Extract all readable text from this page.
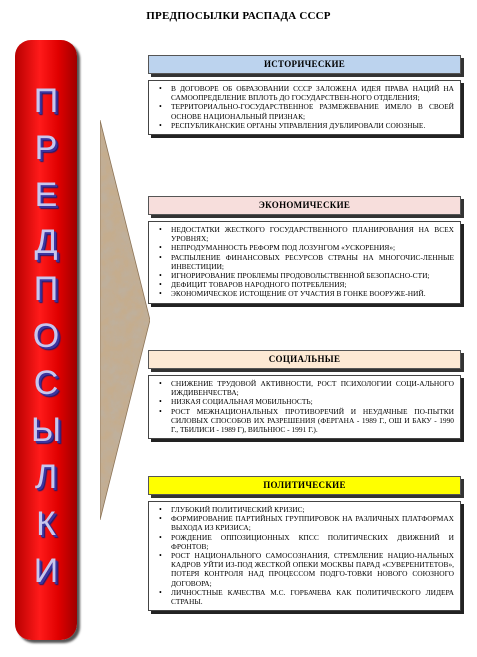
ПРЕДПОСЫЛКИ РАСПАДА СССР
П
Р
Е
Д
П
О
С
Ы
Л
К
И
ИСТОРИЧЕСКИЕ
• В ДОГОВОРЕ ОБ ОБРАЗОВАНИИ СССР ЗАЛОЖЕНА ИДЕЯ ПРАВА НАЦИЙ НА САМООПРЕДЕЛЕНИЕ ВПЛОТЬ ДО ГОСУДАРСТВЕН-НОГО ОТДЕЛЕНИЯ;
• ТЕРРИТОРИАЛЬНО-ГОСУДАРСТВЕННОЕ РАЗМЕЖЕВАНИЕ ИМЕЛО В СВОЕЙ ОСНОВЕ НАЦИОНАЛЬНЫЙ ПРИЗНАК;
• РЕСПУБЛИКАНСКИЕ ОРГАНЫ УПРАВЛЕНИЯ ДУБЛИРОВАЛИ СОЮЗНЫЕ.
ЭКОНОМИЧЕСКИЕ
• НЕДОСТАТКИ ЖЕСТКОГО ГОСУДАРСТВЕННОГО ПЛАНИРОВАНИЯ НА ВСЕХ УРОВНЯХ;
• НЕПРОДУМАННОСТЬ РЕФОРМ ПОД ЛОЗУНГОМ «УСКОРЕНИЯ»;
• РАСПЫЛЕНИЕ ФИНАНСОВЫХ РЕСУРСОВ СТРАНЫ НА МНОГОЧИС-ЛЕННЫЕ ИНВЕСТИЦИИ;
• ИГНОРИРОВАНИЕ ПРОБЛЕМЫ ПРОДОВОЛЬСТВЕННОЙ БЕЗОПАСНО-СТИ;
• ДЕФИЦИТ ТОВАРОВ НАРОДНОГО ПОТРЕБЛЕНИЯ;
• ЭКОНОМИЧЕСКОЕ ИСТОЩЕНИЕ ОТ УЧАСТИЯ В ГОНКЕ ВООРУЖЕ-НИЙ.
СОЦИАЛЬНЫЕ
• СНИЖЕНИЕ ТРУДОВОЙ АКТИВНОСТИ, РОСТ ПСИХОЛОГИИ СОЦИ-АЛЬНОГО ИЖДИВЕНЧЕСТВА;
• НИЗКАЯ СОЦИАЛЬНАЯ МОБИЛЬНОСТЬ;
• РОСТ МЕЖНАЦИОНАЛЬНЫХ ПРОТИВОРЕЧИЙ И НЕУДАЧНЫЕ ПО-ПЫТКИ СИЛОВЫХ СПОСОБОВ ИХ РАЗРЕШЕНИЯ (ФЕРГАНА - 1989 Г., ОШ И БАКУ - 1990 Г., ТБИЛИСИ - 1989 Г), ВИЛЬНЮС - 1991 Г.).
ПОЛИТИЧЕСКИЕ
• ГЛУБОКИЙ ПОЛИТИЧЕСКИЙ КРИЗИС;
• ФОРМИРОВАНИЕ ПАРТИЙНЫХ ГРУППИРОВОК НА РАЗЛИЧНЫХ ПЛАТФОРМАХ ВЫХОДА ИЗ КРИЗИСА;
• РОЖДЕНИЕ ОППОЗИЦИОННЫХ КПСС ПОЛИТИЧЕСКИХ ДВИЖЕНИЙ И ФРОНТОВ;
• РОСТ НАЦИОНАЛЬНОГО САМОСОЗНАНИЯ, СТРЕМЛЕНИЕ НАЦИО-НАЛЬНЫХ КАДРОВ УЙТИ ИЗ-ПОД ЖЕСТКОЙ ОПЕКИ МОСКВЫ ПАРАД «СУВЕРЕНИТЕТОВ», ПОТЕРЯ КОНТРОЛЯ НАД ПРОЦЕССОМ ПОДГО-ТОВКИ НОВОГО СОЮЗНОГО ДОГОВОРА;
• ЛИЧНОСТНЫЕ КАЧЕСТВА М.С. ГОРБАЧЕВА КАК ПОЛИТИЧЕСКОГО ЛИДЕРА СТРАНЫ.
